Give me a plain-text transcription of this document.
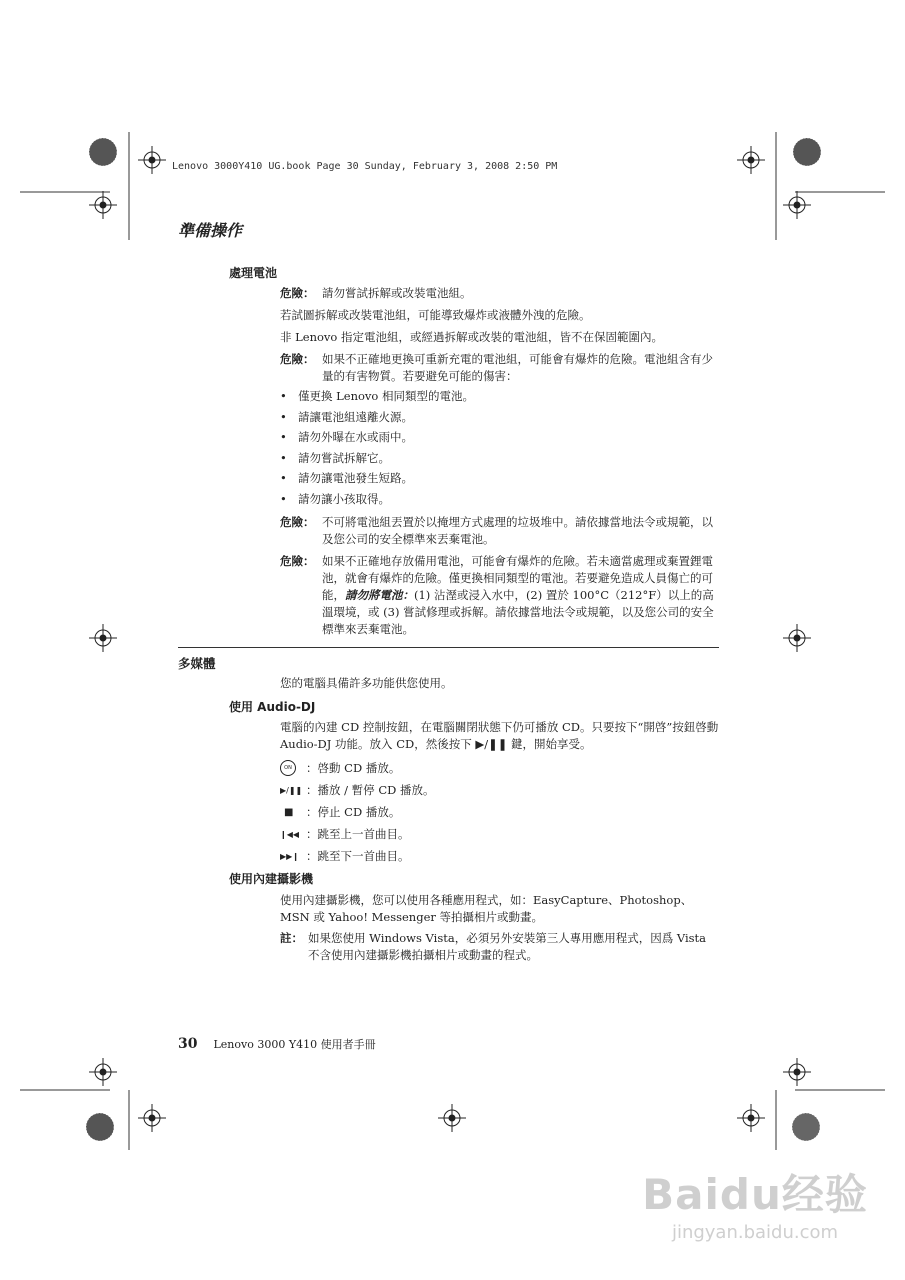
Lenovo 3000Y410 UG.book Page 30 Sunday, February 3, 2008 2:50 PM
準備操作
處理電池
危險： 請勿嘗試拆解或改裝電池組。
若試圖拆解或改裝電池組，可能導致爆炸或液體外洩的危險。
非 Lenovo 指定電池組，或經過拆解或改裝的電池組，皆不在保固範圍內。
危險： 如果不正確地更換可重新充電的電池組，可能會有爆炸的危險。電池組含有少量的有害物質。若要避免可能的傷害：
• 僅更換 Lenovo 相同類型的電池。
• 請讓電池組遠離火源。
• 請勿外曝在水或雨中。
• 請勿嘗試拆解它。
• 請勿讓電池發生短路。
• 請勿讓小孩取得。
危險： 不可將電池組丟置於以掩埋方式處理的垃圾堆中。請依據當地法令或規範，以及您公司的安全標準來丟棄電池。
危險： 如果不正確地存放備用電池，可能會有爆炸的危險。若未適當處理或棄置鋰電池，就會有爆炸的危險。僅更換相同類型的電池。若要避免造成人員傷亡的可能，請勿將電池：(1) 沾溼或浸入水中，(2) 置於 100°C（212°F）以上的高溫環境，或 (3) 嘗試修理或拆解。請依據當地法令或規範，以及您公司的安全標準來丟棄電池。
多媒體
您的電腦具備許多功能供您使用。
使用 Audio-DJ
電腦的內建 CD 控制按鈕，在電腦關閉狀態下仍可播放 CD。只要按下“開啓”按鈕啓動 Audio-DJ 功能。放入 CD，然後按下 ▶/❚❚ 鍵，開始享受。
ON	：啓動 CD 播放。
▶/❚❚ ：播放 / 暫停 CD 播放。
■	：停止 CD 播放。
❙◀◀ ：跳至上一首曲目。
▶▶❙ ：跳至下一首曲目。
使用內建攝影機
使用內建攝影機，您可以使用各種應用程式，如：EasyCapture、Photoshop、MSN 或 Yahoo! Messenger 等拍攝相片或動畫。
註： 如果您使用 Windows Vista，必須另外安裝第三人專用應用程式，因爲 Vista 不含使用內建攝影機拍攝相片或動畫的程式。
30 Lenovo 3000 Y410 使用者手冊
Baidu经验
jingyan.baidu.com
